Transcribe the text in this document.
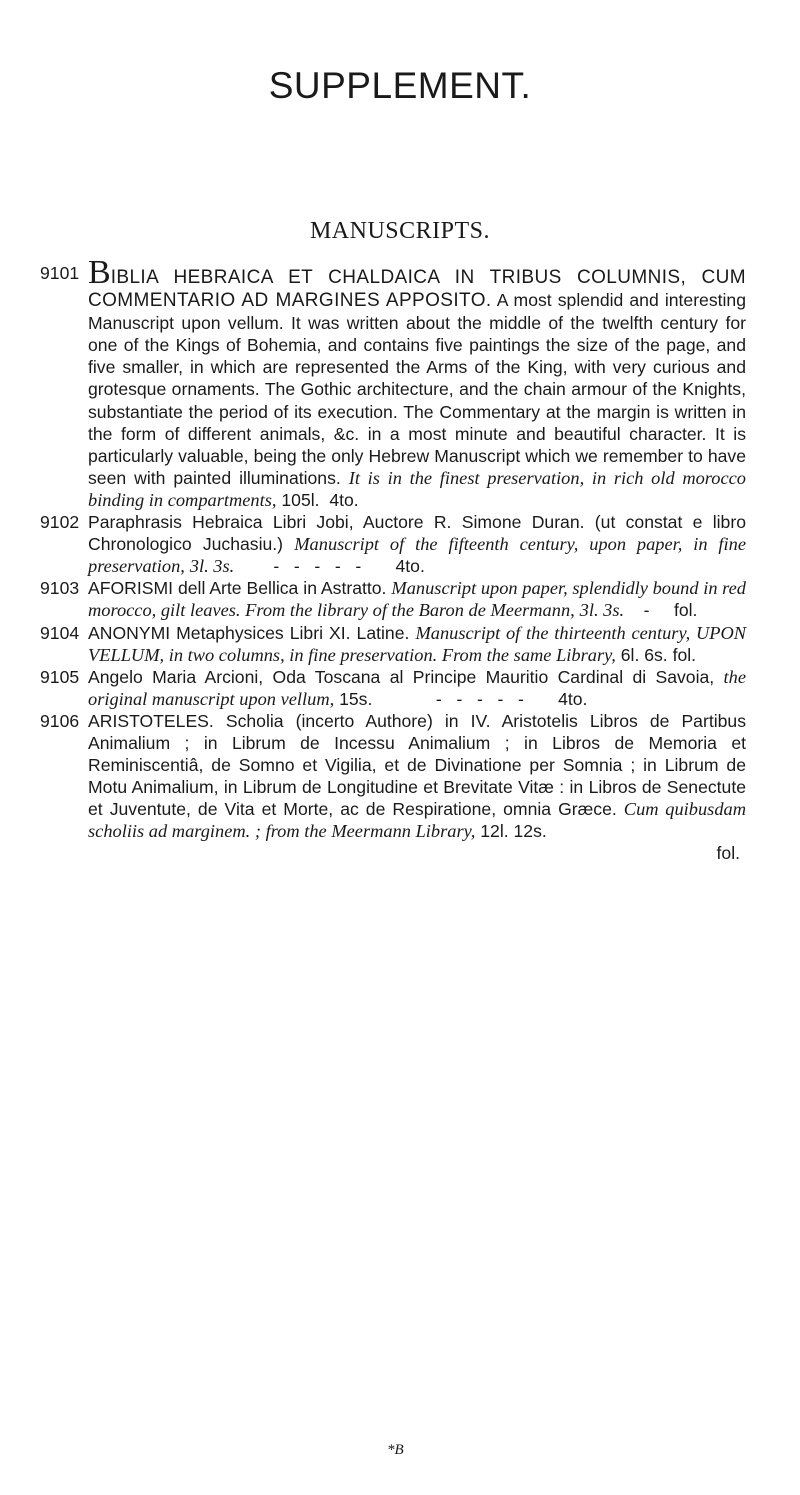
SUPPLEMENT.
MANUSCRIPTS.
9101 BIBLIA HEBRAICA ET CHALDAICA IN TRIBUS COLUMNIS, CUM COMMENTARIO AD MARGINES APPOSITO. A most splendid and interesting Manuscript upon vellum. It was written about the middle of the twelfth century for one of the Kings of Bohemia, and contains five paintings the size of the page, and five smaller, in which are represented the Arms of the King, with very curious and grotesque ornaments. The Gothic architecture, and the chain armour of the Knights, substantiate the period of its execution. The Commentary at the margin is written in the form of different animals, &c. in a most minute and beautiful character. It is particularly valuable, being the only Hebrew Manuscript which we remember to have seen with painted illuminations. It is in the finest preservation, in rich old morocco binding in compartments, 105l. 4to.
9102 Paraphrasis Hebraica Libri Jobi, Auctore R. Simone Duran. (ut constat e libro Chronologico Juchasiu.) Manuscript of the fifteenth century, upon paper, in fine preservation, 3l. 3s. -   -   -   -   - 4to.
9103 AFORISMI dell Arte Bellica in Astratto. Manuscript upon paper, splendidly bound in red morocco, gilt leaves. From the library of the Baron de Meermann, 3l. 3s. - fol.
9104 ANONYMI Metaphysices Libri XI. Latine. Manuscript of the thirteenth century, UPON VELLUM, in two columns, in fine preservation. From the same Library, 6l. 6s. fol.
9105 Angelo Maria Arcioni, Oda Toscana al Principe Mauritio Cardinal di Savoia, the original manuscript upon vellum, 15s.	-   -   -   -   - 4to.
9106 ARISTOTELES. Scholia (incerto Authore) in IV. Aristotelis Libros de Partibus Animalium ; in Librum de Incessu Animalium ; in Libros de Memoria et Reminiscentiâ, de Somno et Vigilia, et de Divinatione per Somnia ; in Librum de Motu Animalium, in Librum de Longitudine et Brevitate Vitæ : in Libros de Senectute et Juventute, de Vita et Morte, ac de Respiratione, omnia Græce. Cum quibusdam scholiis ad marginem. ; from the Meermann Library, 12l. 12s.
fol.
*B
